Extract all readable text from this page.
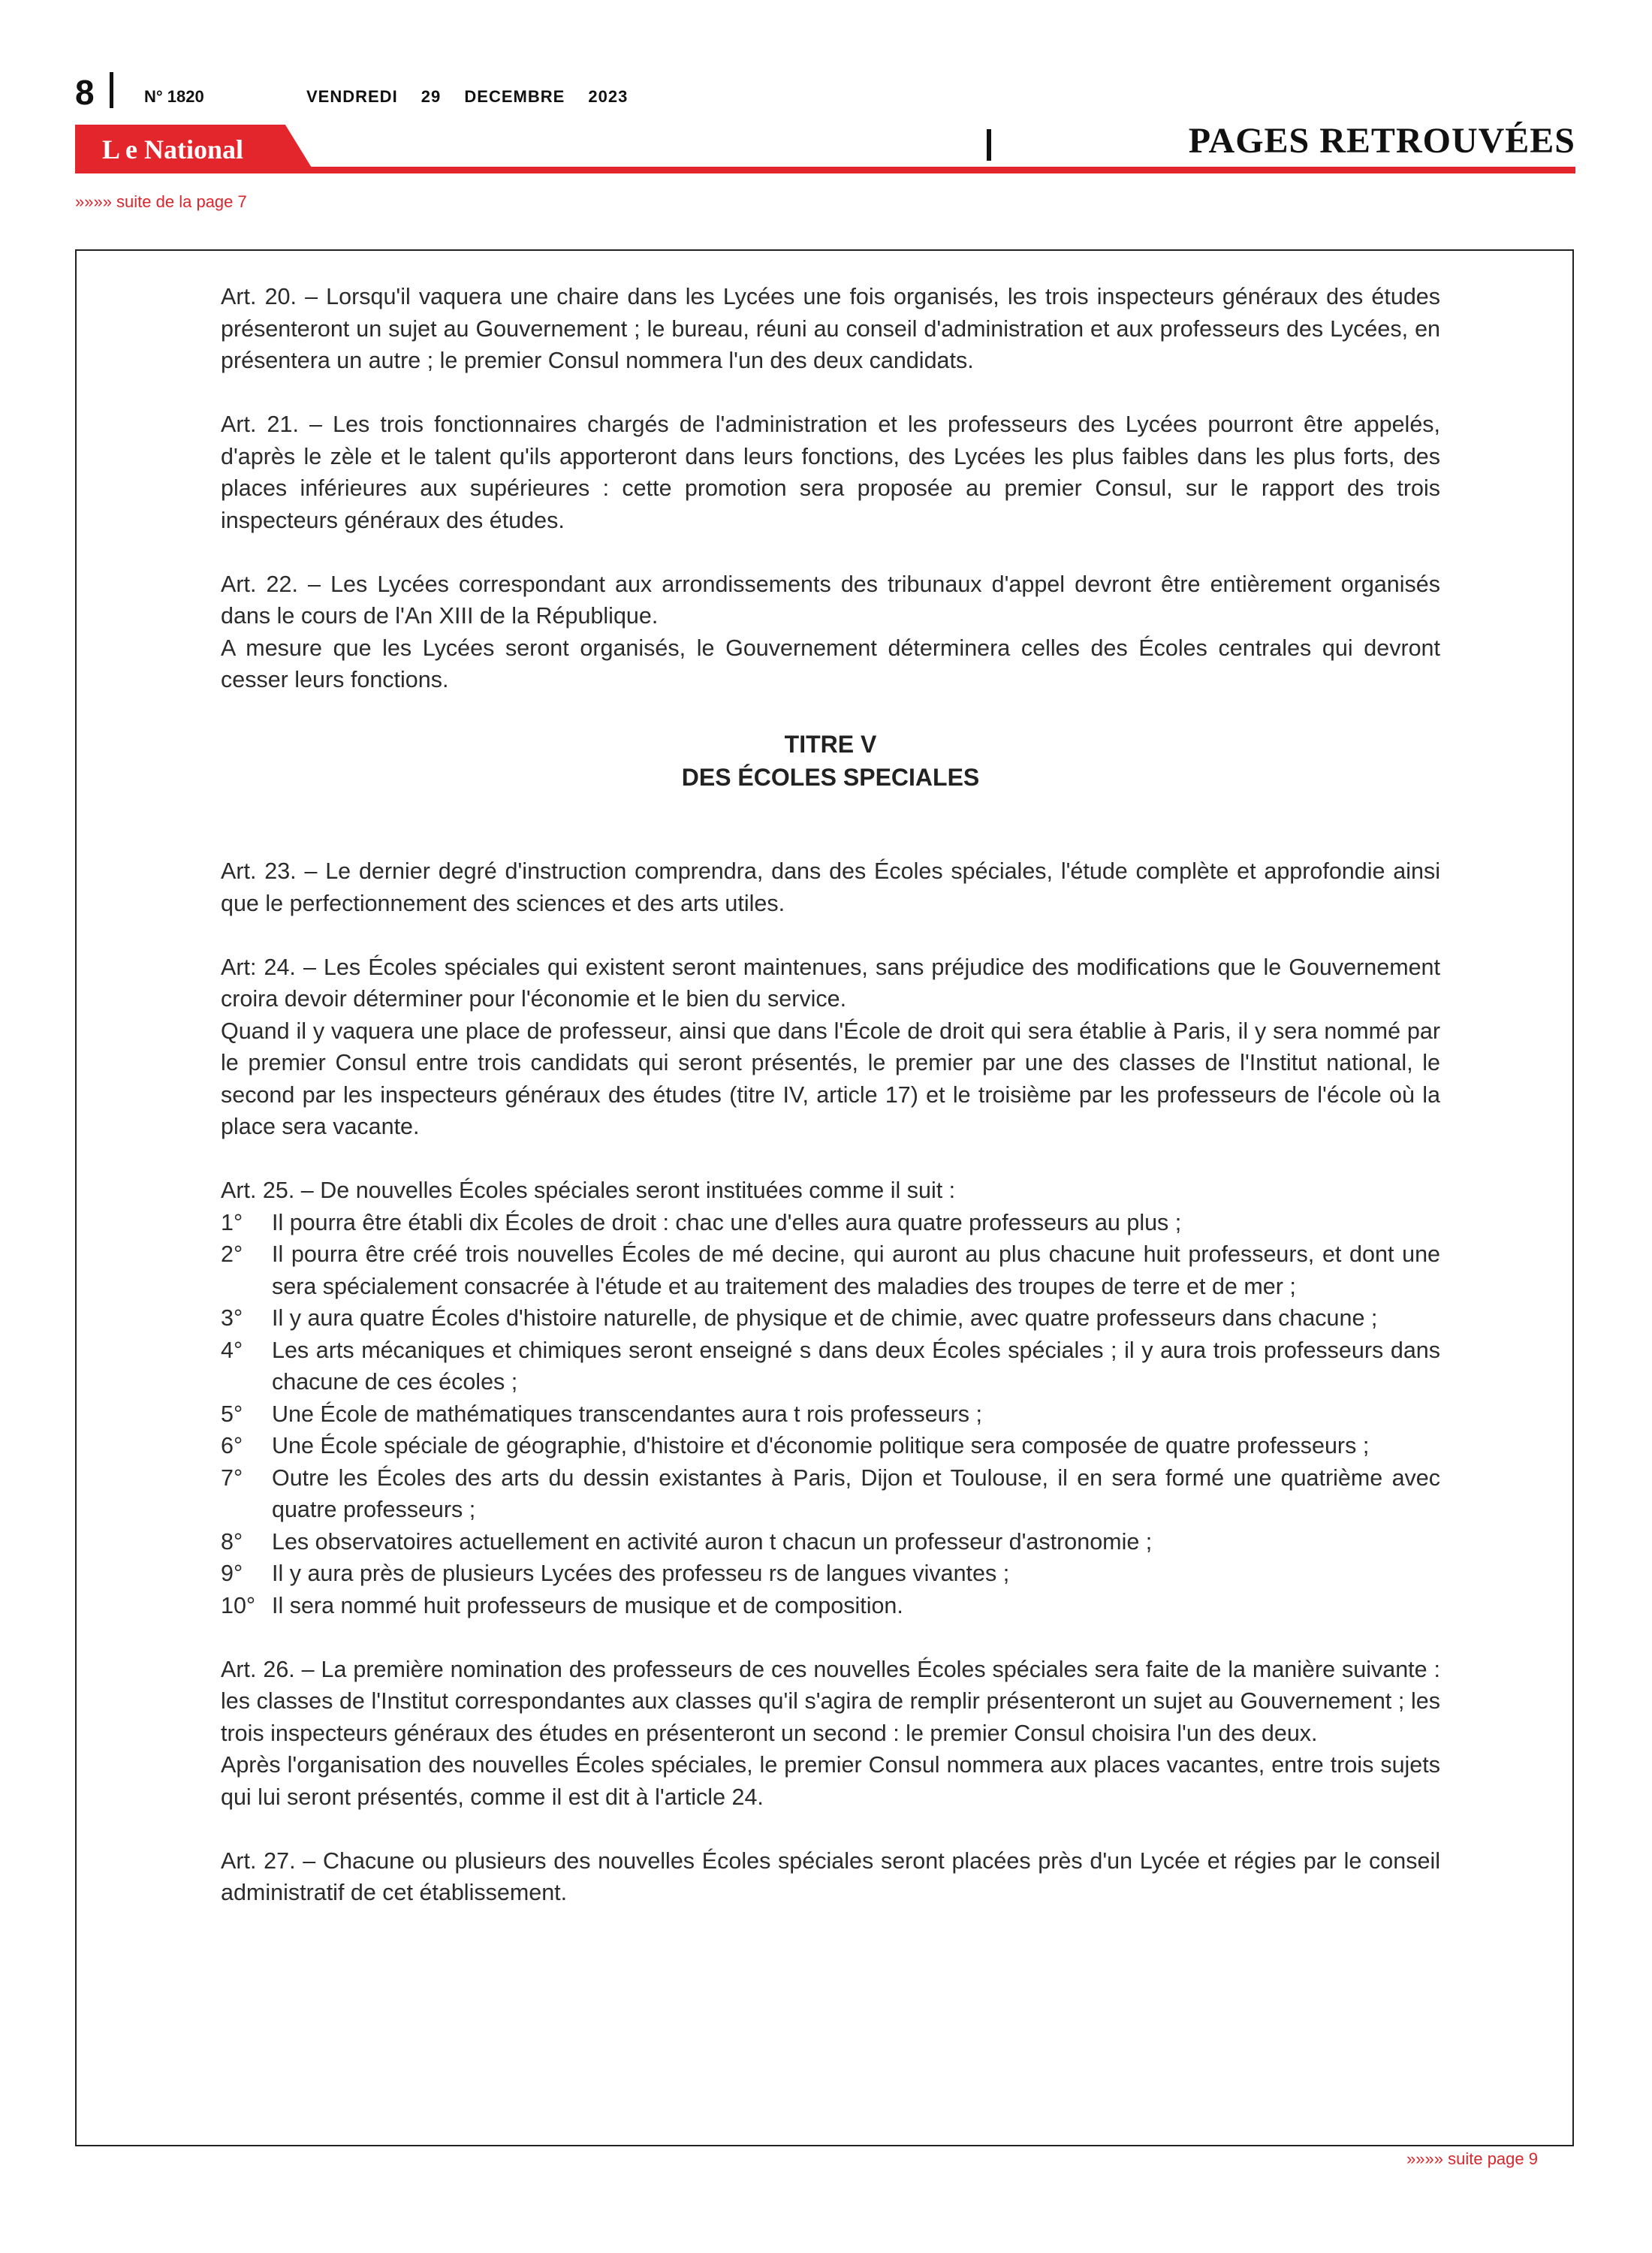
8	N° 1820	VENDREDI 29 DECEMBRE 2023
L e National	PAGES RETROUVÉES
»»»» suite de la page 7
Art. 20. – Lorsqu'il vaquera une chaire dans les Lycées une fois organisés, les trois inspecteurs généraux des études présenteront un sujet au Gouvernement ; le bureau, réuni au conseil d'administration et aux professeurs des Lycées, en présentera un autre ; le premier Consul nommera l'un des deux candidats.
Art. 21. – Les trois fonctionnaires chargés de l'administration et les professeurs des Lycées pourront être appelés, d'après le zèle et le talent qu'ils apporteront dans leurs fonctions, des Lycées les plus faibles dans les plus forts, des places inférieures aux supérieures : cette promotion sera proposée au premier Consul, sur le rapport des trois inspecteurs généraux des études.

Art. 22. – Les Lycées correspondant aux arrondissements des tribunaux d'appel devront être entièrement organisés dans le cours de l'An XIII de la République.

A mesure que les Lycées seront organisés, le Gouvernement déterminera celles des Écoles centrales qui devront cesser leurs fonctions.

TITRE V
DES ÉCOLES SPECIALES
Art. 23. – Le dernier degré d'instruction comprendra, dans des Écoles spéciales, l'étude complète et approfondie ainsi que le perfectionnement des sciences et des arts utiles.

Art: 24. – Les Écoles spéciales qui existent seront maintenues, sans préjudice des modifications que le Gouvernement croira devoir déterminer pour l'économie et le bien du service.

Quand il y vaquera une place de professeur, ainsi que dans l'École de droit qui sera établie à Paris, il y sera nommé par le premier Consul entre trois candidats qui seront présentés, le premier par une des classes de l'Institut national, le second par les inspecteurs généraux des études (titre IV, article 17) et le troisième par les professeurs de l'école où la place sera vacante.

Art. 25. – De nouvelles Écoles spéciales seront instituées comme il suit :

1°	Il pourra être établi dix Écoles de droit : chac une d'elles aura quatre professeurs au plus ;
2°	Il pourra être créé trois nouvelles Écoles de mé decine, qui auront au plus chacune huit professeurs, et dont une sera spécialement consacrée à l'étude et au traitement des maladies des troupes de terre et de mer ;
3°	Il y aura quatre Écoles d'histoire naturelle, de physique et de chimie, avec quatre professeurs dans chacune ;
4°	Les arts mécaniques et chimiques seront enseigné s dans deux Écoles spéciales ; il y aura trois professeurs dans chacune de ces écoles ;
5°	Une École de mathématiques transcendantes aura t rois professeurs ;
6°	Une École spéciale de géographie, d'histoire et d'économie politique sera composée de quatre professeurs ;
7°	Outre les Écoles des arts du dessin existantes à Paris, Dijon et Toulouse, il en sera formé une quatrième avec quatre professeurs ;
8°	Les observatoires actuellement en activité auron t chacun un professeur d'astronomie ;
9°	Il y aura près de plusieurs Lycées des professeu rs de langues vivantes ;
10° Il sera nommé huit professeurs de musique et de composition.

Art. 26. – La première nomination des professeurs de ces nouvelles Écoles spéciales sera faite de la manière suivante : les classes de l'Institut correspondantes aux classes qu'il s'agira de remplir présenteront un sujet au Gouvernement ; les trois inspecteurs généraux des études en présenteront un second : le premier Consul choisira l'un des deux.

Après l'organisation des nouvelles Écoles spéciales, le premier Consul nommera aux places vacantes, entre trois sujets qui lui seront présentés, comme il est dit à l'article 24.

Art. 27. – Chacune ou plusieurs des nouvelles Écoles spéciales seront placées près d'un Lycée et régies par le conseil administratif de cet établissement.
»»»» suite page 9
